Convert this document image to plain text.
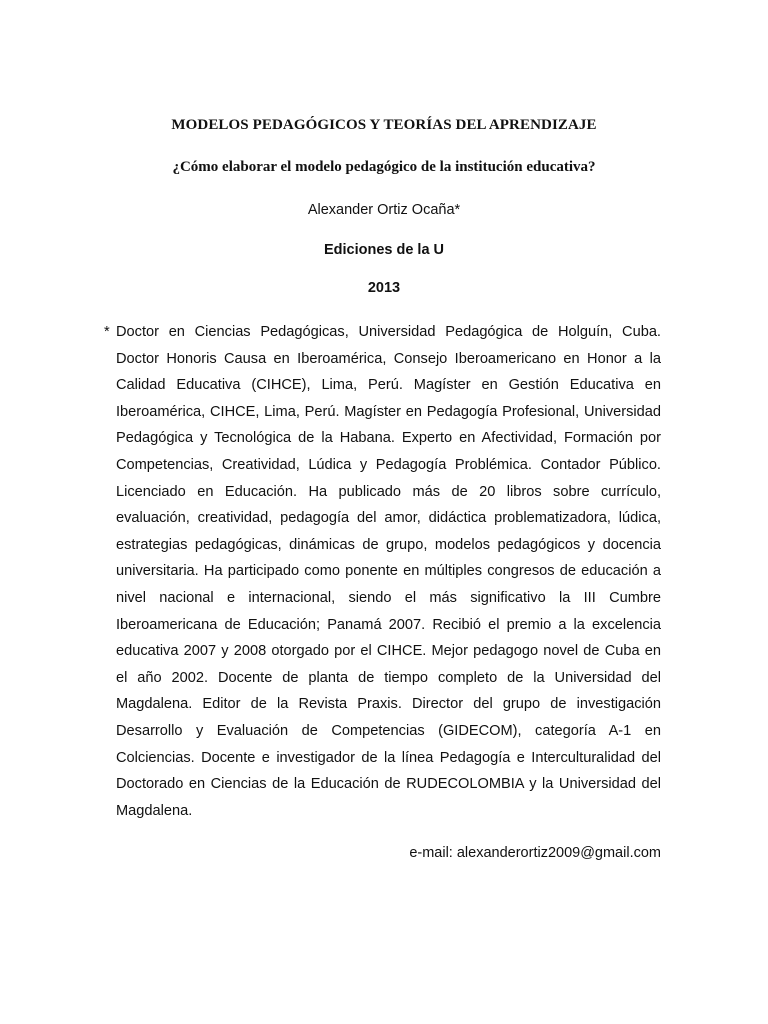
MODELOS PEDAGÓGICOS Y TEORÍAS DEL APRENDIZAJE
¿Cómo elaborar el modelo pedagógico de la institución educativa?
Alexander Ortiz Ocaña*
Ediciones de la U
2013
* Doctor en Ciencias Pedagógicas, Universidad Pedagógica de Holguín, Cuba. Doctor Honoris Causa en Iberoamérica, Consejo Iberoamericano en Honor a la Calidad Educativa (CIHCE), Lima, Perú. Magíster en Gestión Educativa en Iberoamérica, CIHCE, Lima, Perú. Magíster en Pedagogía Profesional, Universidad Pedagógica y Tecnológica de la Habana. Experto en Afectividad, Formación por Competencias, Creatividad, Lúdica y Pedagogía Problémica. Contador Público. Licenciado en Educación. Ha publicado más de 20 libros sobre currículo, evaluación, creatividad, pedagogía del amor, didáctica problematizadora, lúdica, estrategias pedagógicas, dinámicas de grupo, modelos pedagógicos y docencia universitaria. Ha participado como ponente en múltiples congresos de educación a nivel nacional e internacional, siendo el más significativo la III Cumbre Iberoamericana de Educación; Panamá 2007. Recibió el premio a la excelencia educativa 2007 y 2008 otorgado por el CIHCE. Mejor pedagogo novel de Cuba en el año 2002. Docente de planta de tiempo completo de la Universidad del Magdalena. Editor de la Revista Praxis. Director del grupo de investigación Desarrollo y Evaluación de Competencias (GIDECOM), categoría A-1 en Colciencias. Docente e investigador de la línea Pedagogía e Interculturalidad del Doctorado en Ciencias de la Educación de RUDECOLOMBIA y la Universidad del Magdalena.

e-mail: alexanderortiz2009@gmail.com
